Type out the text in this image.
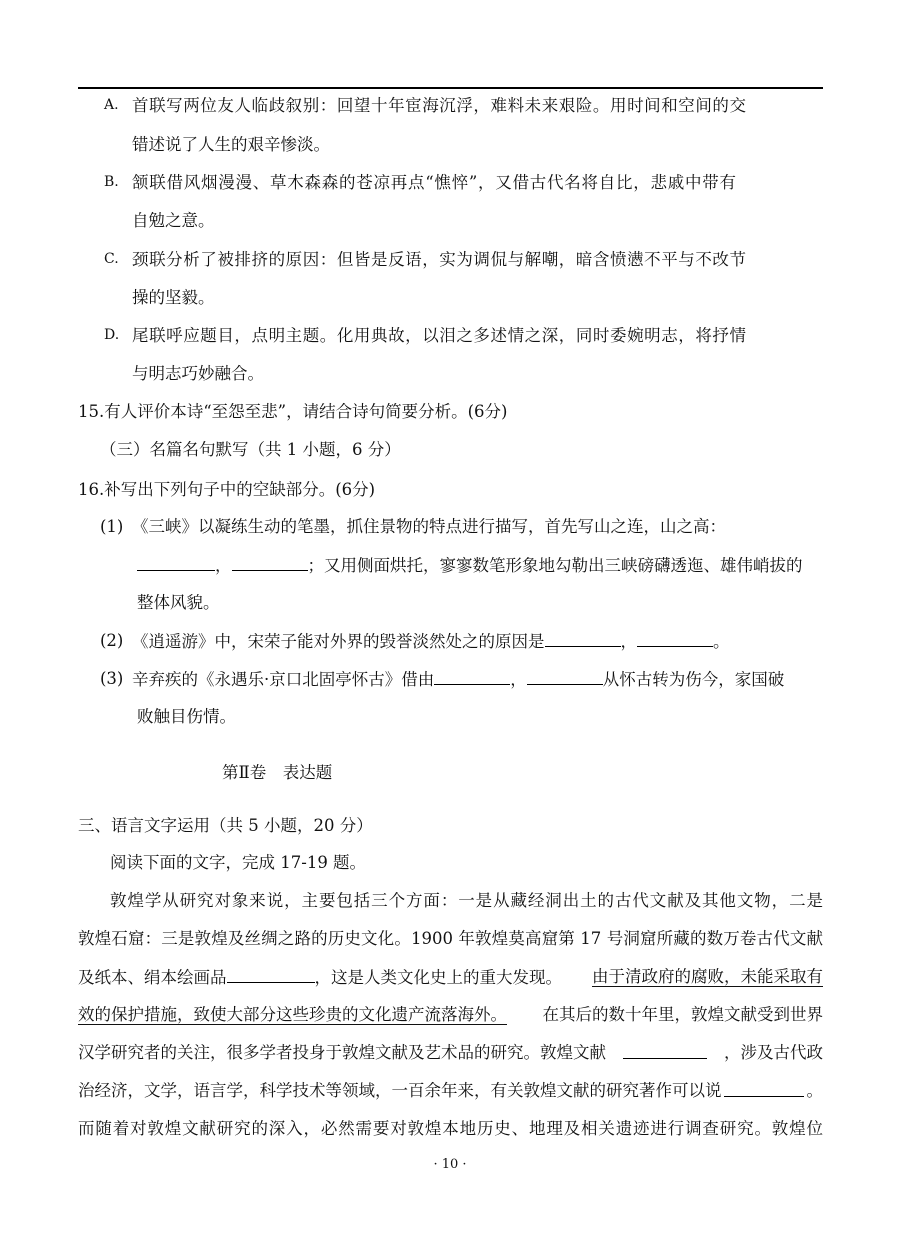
A. 首联写两位友人临歧叙别：回望十年宦海沉浮，难料未来艰险。用时间和空间的交
错述说了人生的艰辛惨淡。
B. 颔联借风烟漫漫、草木森森的苍凉再点“憔悴”，又借古代名将自比，悲戚中带有
自勉之意。
C. 颈联分析了被排挤的原因：但皆是反语，实为调侃与解嘲，暗含愤懑不平与不改节
操的坚毅。
D. 尾联呼应题目，点明主题。化用典故，以泪之多述情之深，同时委婉明志，将抒情
与明志巧妙融合。
15.有人评价本诗“至怨至悲”，请结合诗句简要分析。(6分)
（三）名篇名句默写（共 1 小题，6 分）
16.补写出下列句子中的空缺部分。(6分)
(1) 《三峡》以凝练生动的笔墨，抓住景物的特点进行描写，首先写山之连，山之高：
，	；又用侧面烘托，寥寥数笔形象地勾勒出三峡磅礴透迤、雄伟峭拔的
整体风貌。
(2) 《逍遥游》中，宋荣子能对外界的毁誉淡然处之的原因是	，	。
(3) 辛弃疾的《永遇乐·京口北固亭怀古》借由	，	从怀古转为伤今，家国破
败触目伤情。
第Ⅱ卷　表达题
三、语言文字运用（共 5 小题，20 分）
阅读下面的文字，完成 17-19 题。
敦煌学从研究对象来说，主要包括三个方面：一是从藏经洞出土的古代文献及其他文物，二是
敦煌石窟：三是敦煌及丝绸之路的历史文化。1900 年敦煌莫高窟第 17 号洞窟所藏的数万卷古代文献
及纸本、绢本绘画品	，这是人类文化史上的重大发现。 由于清政府的腐败，未能采取有
效的保护措施，致使大部分这些珍贵的文化遗产流落海外。 在其后的数十年里，敦煌文献受到世界
汉学研究者的关注，很多学者投身于敦煌文献及艺术品的研究。敦煌文献	，涉及古代政
治经济，文学，语言学，科学技术等领域，一百余年来，有关敦煌文献的研究著作可以说	。
而随着对敦煌文献研究的深入，必然需要对敦煌本地历史、地理及相关遗迹进行调查研究。敦煌位
· 10 ·
